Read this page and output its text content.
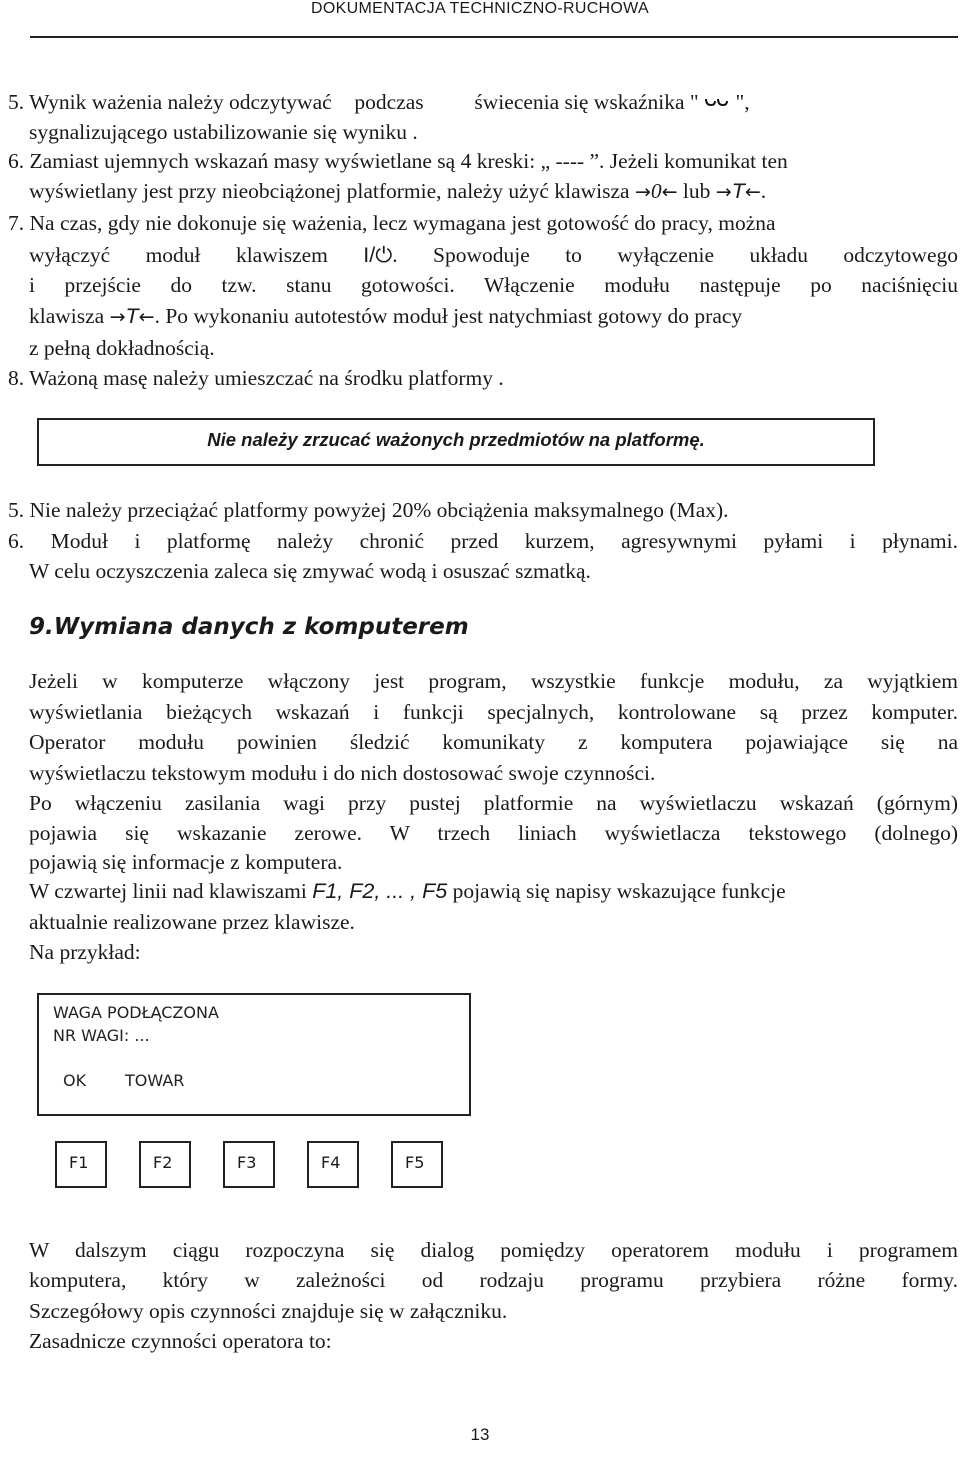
DOKUMENTACJA TECHNICZNO-RUCHOWA
5. Wynik ważenia należy odczytywać podczas świecenia się wskaźnika " ",
sygnalizującego ustabilizowanie się wyniku .
6. Zamiast ujemnych wskazań masy wyświetlane są 4 kreski: „ ---- ”. Jeżeli komunikat ten
wyświetlany jest przy nieobciążonej platformie, należy użyć klawisza →0← lub →T←.
7. Na czas, gdy nie dokonuje się ważenia, lecz wymagana jest gotowość do pracy, można
wyłączyć moduł klawiszem I/⏻. Spowoduje to wyłączenie układu odczytowego
i przejście do tzw. stanu gotowości. Włączenie modułu następuje po naciśnięciu
klawisza →T←. Po wykonaniu autotestów moduł jest natychmiast gotowy do pracy
z pełną dokładnością.
8. Ważoną masę należy umieszczać na środku platformy .
Nie należy zrzucać ważonych przedmiotów na platformę.
5. Nie należy przeciążać platformy powyżej 20% obciążenia maksymalnego (Max).
6. Moduł i platformę należy chronić przed kurzem, agresywnymi pyłami i płynami.
W celu oczyszczenia zaleca się zmywać wodą i osuszać szmatką.
9.Wymiana danych z komputerem
Jeżeli w komputerze włączony jest program, wszystkie funkcje modułu, za wyjątkiem
wyświetlania bieżących wskazań i funkcji specjalnych, kontrolowane są przez komputer.
Operator modułu powinien śledzić komunikaty z komputera pojawiające się na
wyświetlaczu tekstowym modułu i do nich dostosować swoje czynności.
Po włączeniu zasilania wagi przy pustej platformie na wyświetlaczu wskazań (górnym)
pojawia się wskazanie zerowe. W trzech liniach wyświetlacza tekstowego (dolnego)
pojawią się informacje z komputera.
W czwartej linii nad klawiszami F1, F2, ... , F5 pojawią się napisy wskazujące funkcje
aktualnie realizowane przez klawisze.
Na przykład:
WAGA PODŁĄCZONA
NR WAGI: ...
OK TOWAR
F1	F2	F3	F4	F5
W dalszym ciągu rozpoczyna się dialog pomiędzy operatorem modułu i programem
komputera, który w zależności od rodzaju programu przybiera różne formy.
Szczegółowy opis czynności znajduje się w załączniku.
Zasadnicze czynności operatora to:
13
